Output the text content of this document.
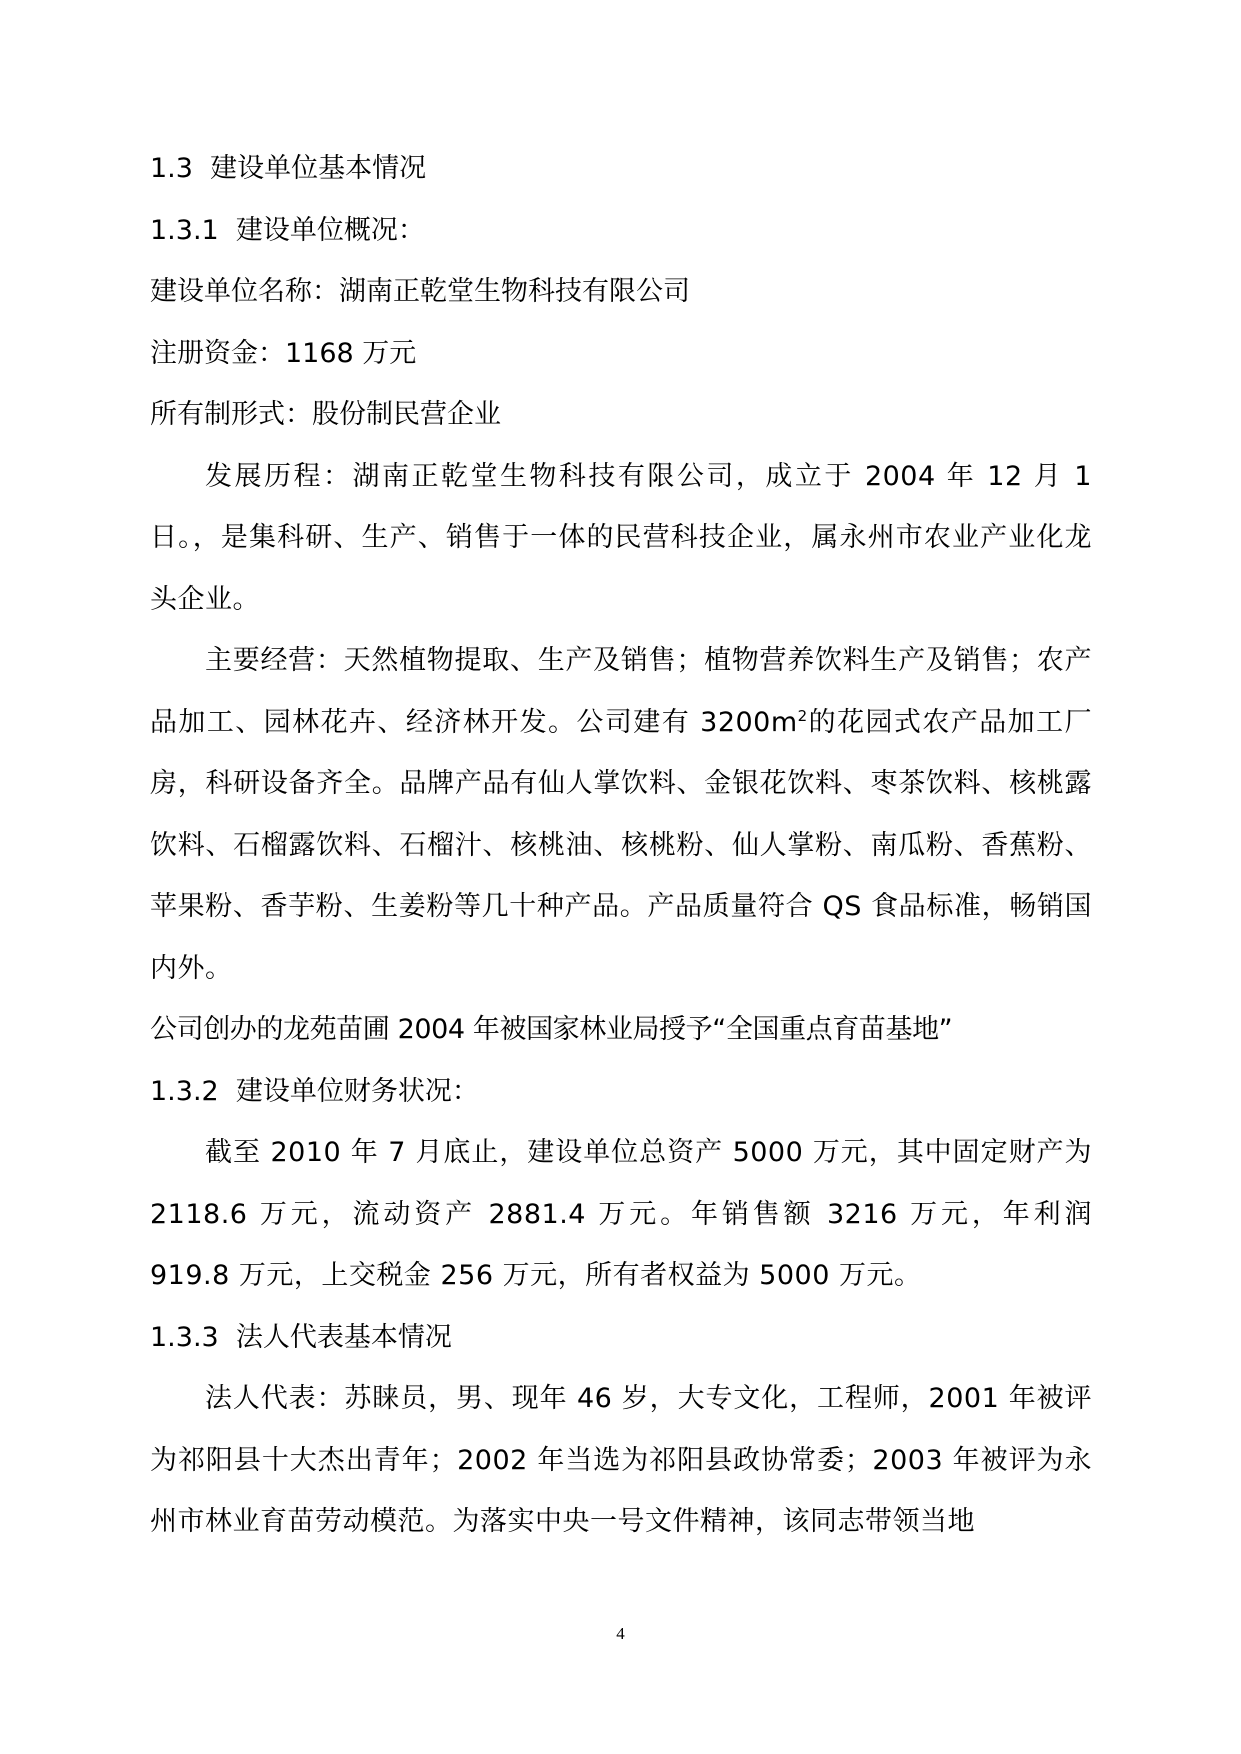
1.3 建设单位基本情况
1.3.1 建设单位概况：

建设单位名称：湖南正乾堂生物科技有限公司

注册资金：1168 万元

所有制形式：股份制民营企业

发展历程：湖南正乾堂生物科技有限公司，成立于 2004 年 12 月 1 日。，是集科研、生产、销售于一体的民营科技企业，属永州市农业产业化龙头企业。

主要经营：天然植物提取、生产及销售；植物营养饮料生产及销售；农产品加工、园林花卉、经济林开发。公司建有 $3200m^2$的花园式农产品加工厂房，科研设备齐全。品牌产品有仙人掌饮料、金银花饮料、枣茶饮料、核桃露饮料、石榴露饮料、石榴汁、核桃油、核桃粉、仙人掌粉、南瓜粉、香蕉粉、苹果粉、香芋粉、生姜粉等几十种产品。产品质量符合 QS 食品标准，畅销国内外。

公司创办的龙苑苗圃 2004 年被国家林业局授予“全国重点育苗基地”

1.3.2 建设单位财务状况：

截至 2010 年 7 月底止，建设单位总资产 5000 万元，其中固定财产为 2118.6 万元，流动资产 2881.4 万元。年销售额 3216 万元，年利润 919.8 万元，上交税金 256 万元，所有者权益为 5000 万元。

1.3.3 法人代表基本情况

法人代表：苏睐员，男、现年 46 岁，大专文化，工程师，2001 年被评为祁阳县十大杰出青年；2002 年当选为祁阳县政协常委；2003 年被评为永州市林业育苗劳动模范。为落实中央一号文件精神，该同志带领当地

4
